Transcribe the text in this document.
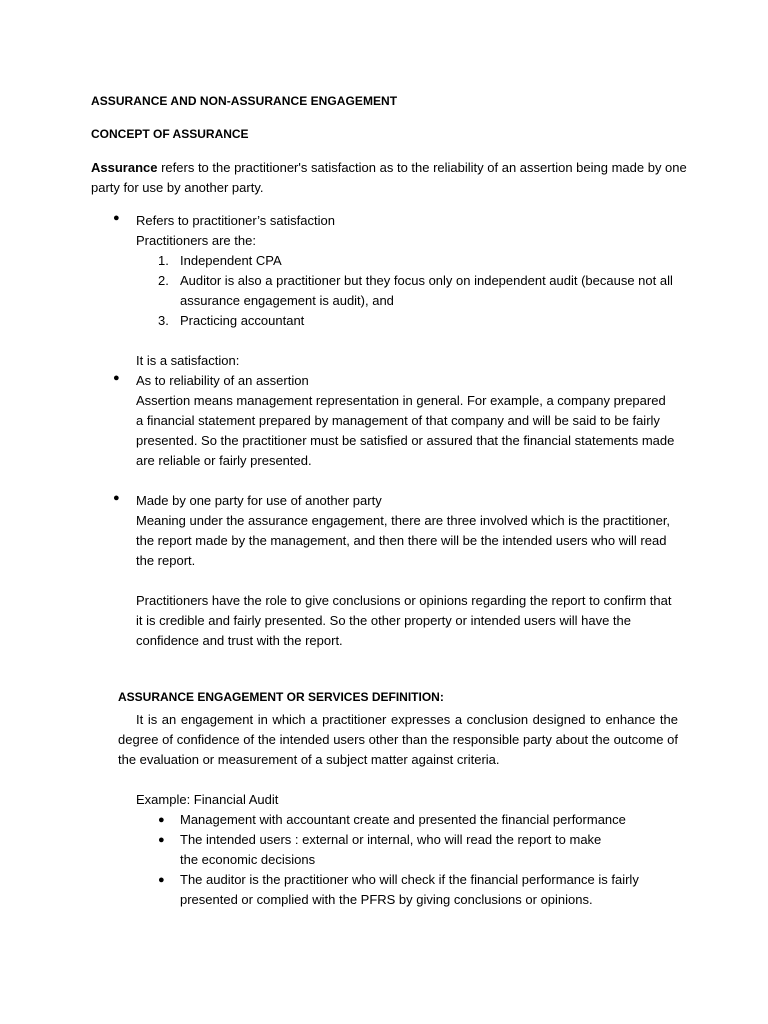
ASSURANCE AND NON-ASSURANCE ENGAGEMENT
CONCEPT OF ASSURANCE
Assurance refers to the practitioner's satisfaction as to the reliability of an assertion being made by one party for use by another party.
● Refers to practitioner’s satisfaction
Practitioners are the:
1. Independent CPA
2. Auditor is also a practitioner but they focus only on independent audit (because not all assurance engagement is audit), and
3. Practicing accountant
It is a satisfaction:
● As to reliability of an assertion
Assertion means management representation in general. For example, a company prepared a financial statement prepared by management of that company and will be said to be fairly presented. So the practitioner must be satisfied or assured that the financial statements made are reliable or fairly presented.
● Made by one party for use of another party
Meaning under the assurance engagement, there are three involved which is the practitioner, the report made by the management, and then there will be the intended users who will read the report.
Practitioners have the role to give conclusions or opinions regarding the report to confirm that it is credible and fairly presented. So the other property or intended users will have the confidence and trust with the report.
ASSURANCE ENGAGEMENT OR SERVICES DEFINITION:
It is an engagement in which a practitioner expresses a conclusion designed to enhance the degree of confidence of the intended users other than the responsible party about the outcome of the evaluation or measurement of a subject matter against criteria.
Example: Financial Audit
●	Management with accountant create and presented the financial performance
●	The intended users : external or internal, who will read the report to make the economic decisions
●	The auditor is the practitioner who will check if the financial performance is fairly presented or complied with the PFRS by giving conclusions or opinions.
